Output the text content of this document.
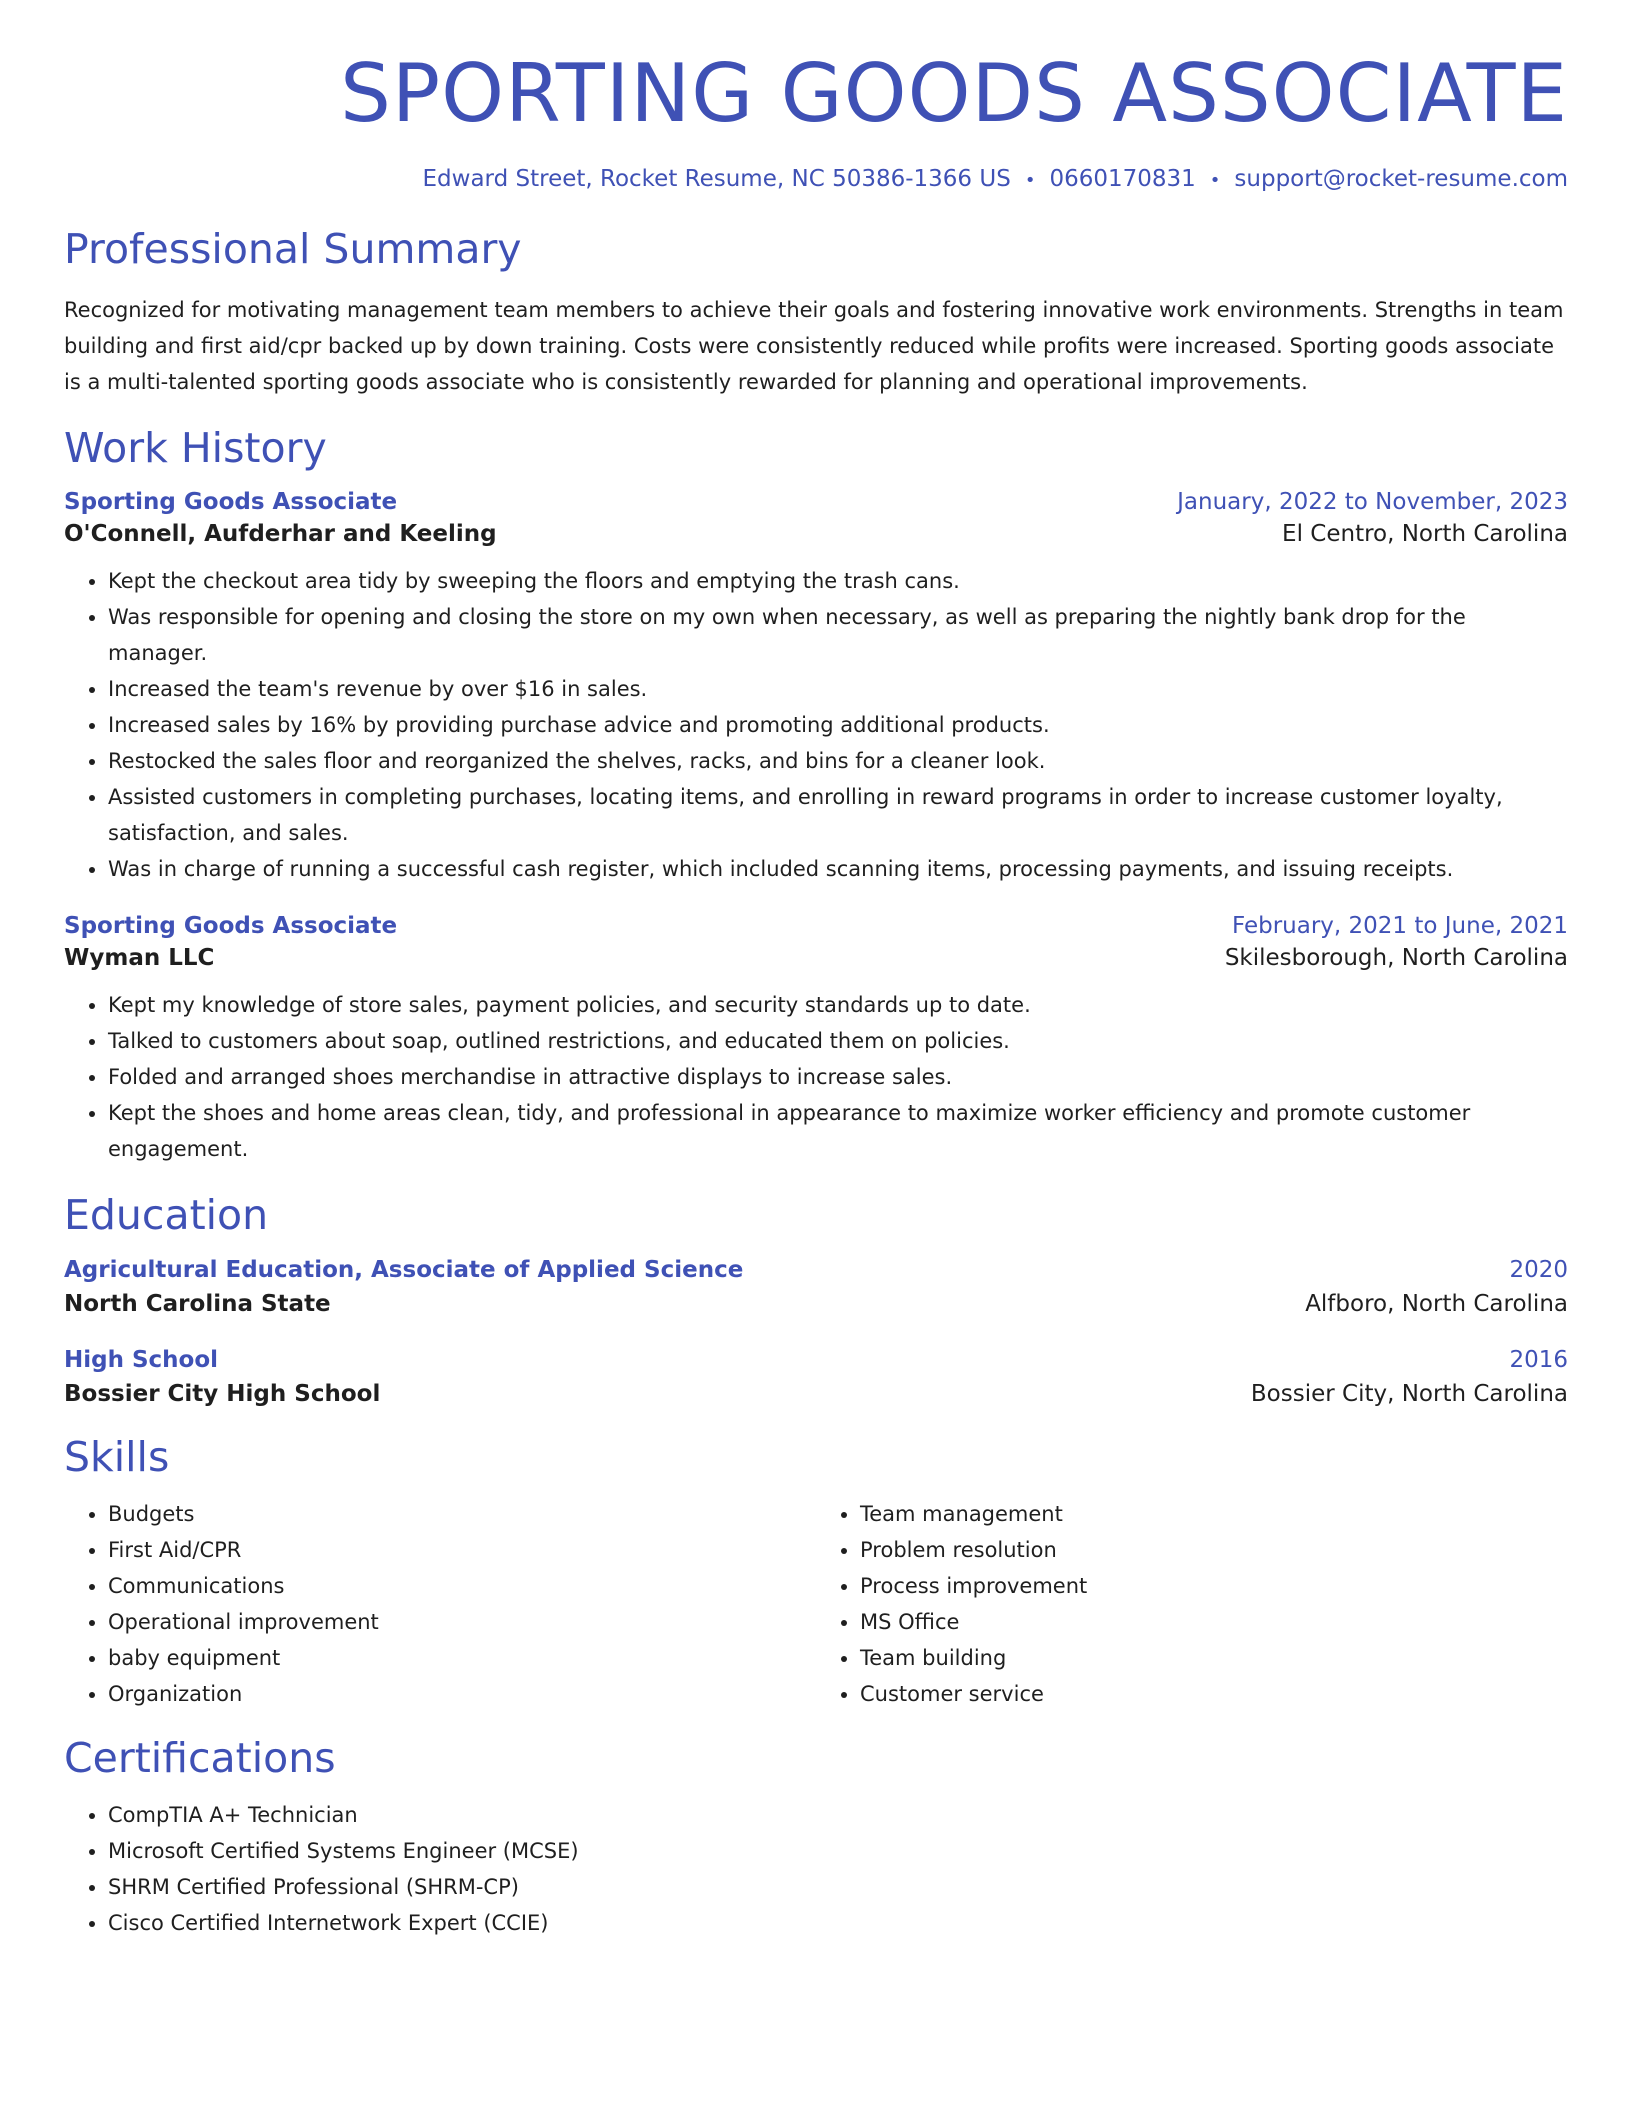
SPORTING GOODS ASSOCIATE
Edward Street, Rocket Resume, NC 50386-1366 US • 0660170831 • support@rocket-resume.com
Professional Summary
Recognized for motivating management team members to achieve their goals and fostering innovative work environments. Strengths in team building and first aid/cpr backed up by down training. Costs were consistently reduced while profits were increased. Sporting goods associate is a multi-talented sporting goods associate who is consistently rewarded for planning and operational improvements.
Work History
Sporting Goods Associate	January, 2022 to November, 2023
O'Connell, Aufderhar and Keeling	El Centro, North Carolina
• Kept the checkout area tidy by sweeping the floors and emptying the trash cans.
• Was responsible for opening and closing the store on my own when necessary, as well as preparing the nightly bank drop for the manager.
• Increased the team's revenue by over $16 in sales.
• Increased sales by 16% by providing purchase advice and promoting additional products.
• Restocked the sales floor and reorganized the shelves, racks, and bins for a cleaner look.
• Assisted customers in completing purchases, locating items, and enrolling in reward programs in order to increase customer loyalty, satisfaction, and sales.
• Was in charge of running a successful cash register, which included scanning items, processing payments, and issuing receipts.
Sporting Goods Associate	February, 2021 to June, 2021
Wyman LLC	Skilesborough, North Carolina
• Kept my knowledge of store sales, payment policies, and security standards up to date.
• Talked to customers about soap, outlined restrictions, and educated them on policies.
• Folded and arranged shoes merchandise in attractive displays to increase sales.
• Kept the shoes and home areas clean, tidy, and professional in appearance to maximize worker efficiency and promote customer engagement.
Education
Agricultural Education, Associate of Applied Science	2020
North Carolina State	Alfboro, North Carolina
High School	2016
Bossier City High School	Bossier City, North Carolina
Skills
• Budgets
• First Aid/CPR
• Communications
• Operational improvement
• baby equipment
• Organization
• Team management
• Problem resolution
• Process improvement
• MS Office
• Team building
• Customer service
Certifications
• CompTIA A+ Technician
• Microsoft Certified Systems Engineer (MCSE)
• SHRM Certified Professional (SHRM-CP)
• Cisco Certified Internetwork Expert (CCIE)
